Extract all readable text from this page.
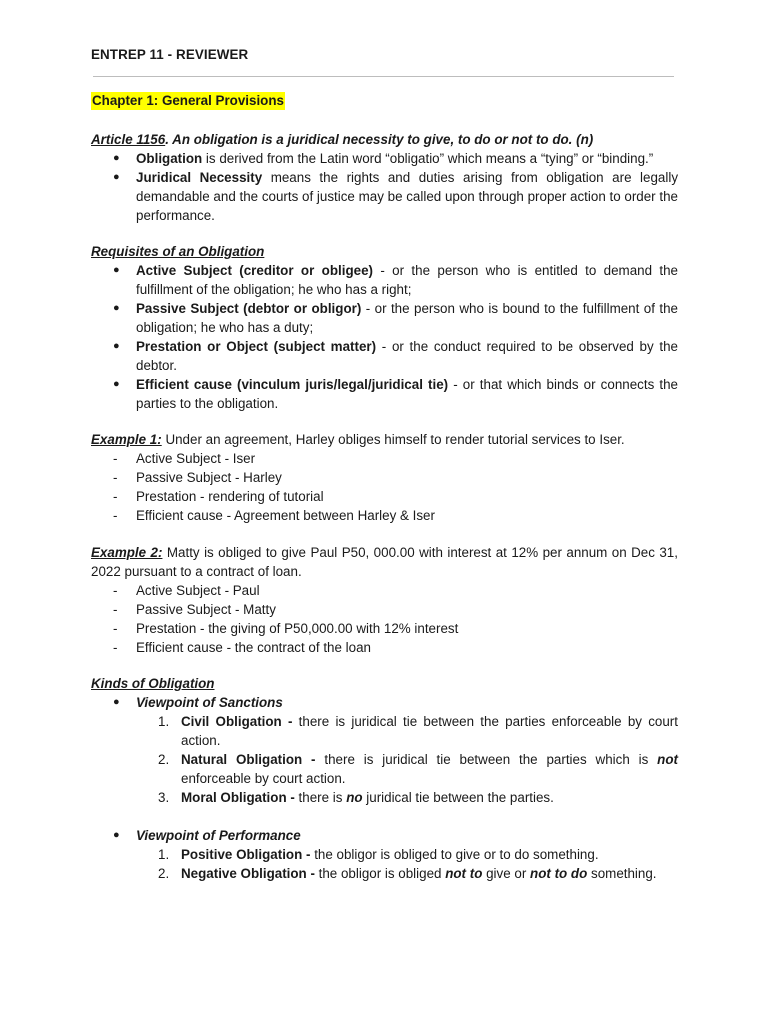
ENTREP 11 - REVIEWER
Chapter 1: General Provisions

Article 1156. An obligation is a juridical necessity to give, to do or not to do. (n)

● Obligation is derived from the Latin word “obligatio” which means a “tying” or “binding.”
● Juridical Necessity means the rights and duties arising from obligation are legally demandable and the courts of justice may be called upon through proper action to order the performance.

Requisites of an Obligation

● Active Subject (creditor or obligee) - or the person who is entitled to demand the fulfillment of the obligation; he who has a right;
● Passive Subject (debtor or obligor) - or the person who is bound to the fulfillment of the obligation; he who has a duty;
● Prestation or Object (subject matter) - or the conduct required to be observed by the debtor.
● Efficient cause (vinculum juris/legal/juridical tie) - or that which binds or connects the parties to the obligation.

Example 1: Under an agreement, Harley obliges himself to render tutorial services to Iser.

- Active Subject - Iser
- Passive Subject - Harley
- Prestation - rendering of tutorial
- Efficient cause - Agreement between Harley & Iser

Example 2: Matty is obliged to give Paul P50, 000.00 with interest at 12% per annum on Dec 31, 2022 pursuant to a contract of loan.

- Active Subject - Paul
- Passive Subject - Matty
- Prestation - the giving of P50,000.00 with 12% interest
- Efficient cause - the contract of the loan

Kinds of Obligation

● Viewpoint of Sanctions
1. Civil Obligation - there is juridical tie between the parties enforceable by court action.
2. Natural Obligation - there is juridical tie between the parties which is not enforceable by court action.
3. Moral Obligation - there is no juridical tie between the parties.
● Viewpoint of Performance
1. Positive Obligation - the obligor is obliged to give or to do something.
2. Negative Obligation - the obligor is obliged not to give or not to do something.
